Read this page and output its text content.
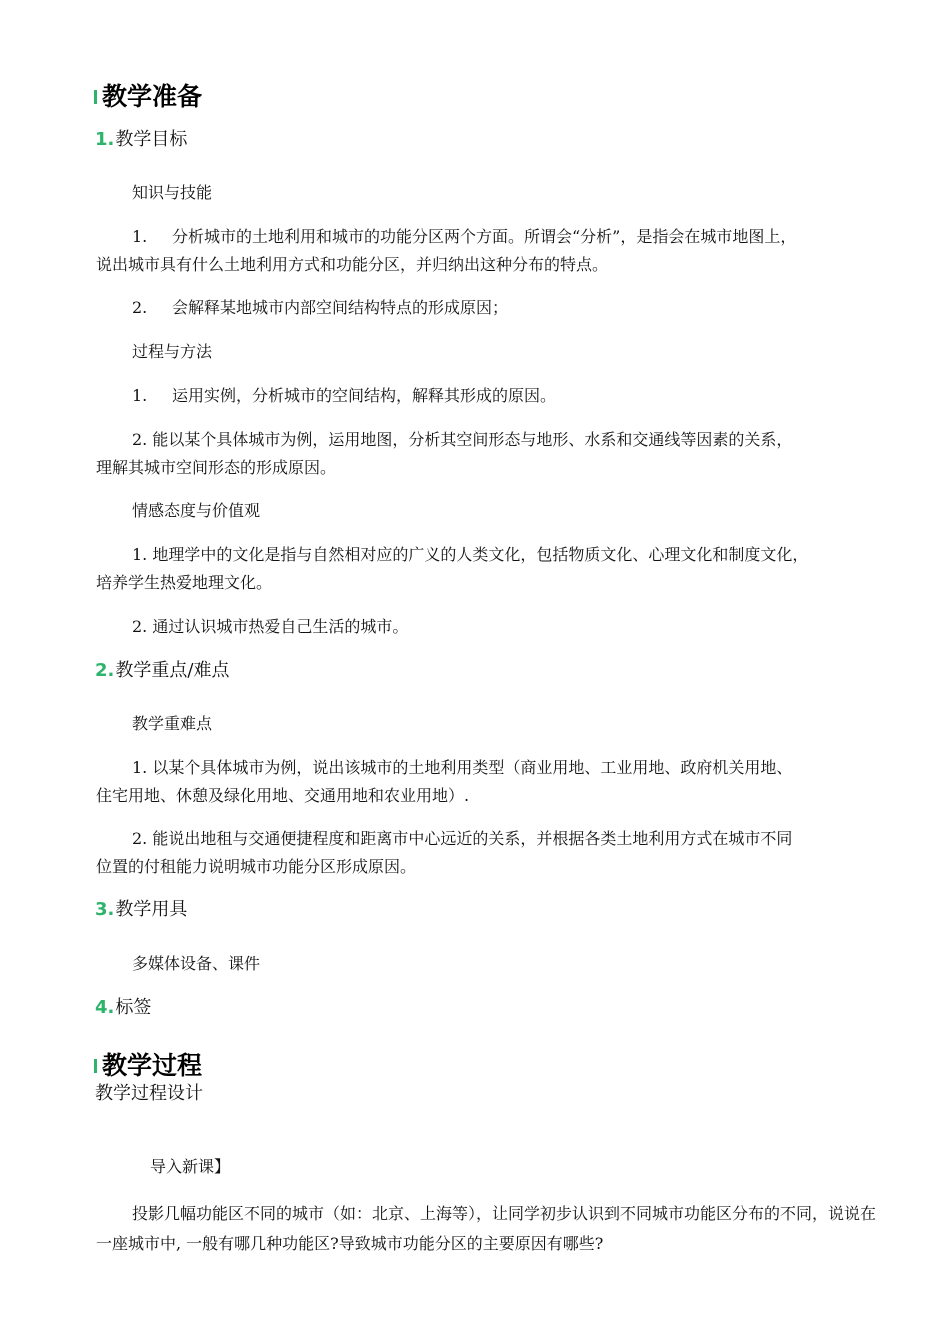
教学准备
1.教学目标
知识与技能
1. 分析城市的土地利用和城市的功能分区两个方面。所谓会“分析”，是指会在城市地图上，
说出城市具有什么土地利用方式和功能分区，并归纳出这种分布的特点。
2. 会解释某地城市内部空间结构特点的形成原因；
过程与方法
1. 运用实例，分析城市的空间结构，解释其形成的原因。
2. 能以某个具体城市为例，运用地图，分析其空间形态与地形、水系和交通线等因素的关系，
理解其城市空间形态的形成原因。
情感态度与价值观
1. 地理学中的文化是指与自然相对应的广义的人类文化，包括物质文化、心理文化和制度文化，
培养学生热爱地理文化。
2. 通过认识城市热爱自己生活的城市。
2.教学重点/难点
教学重难点
1. 以某个具体城市为例，说出该城市的土地利用类型（商业用地、工业用地、政府机关用地、
住宅用地、休憩及绿化用地、交通用地和农业用地）.
2. 能说出地租与交通便捷程度和距离市中心远近的关系，并根据各类土地利用方式在城市不同
位置的付租能力说明城市功能分区形成原因。
3.教学用具
多媒体设备、课件
4.标签
教学过程
教学过程设计
导入新课】
投影几幅功能区不同的城市（如：北京、上海等），让同学初步认识到不同城市功能区分布的不同，说说在一座城市中, 一般有哪几种功能区?导致城市功能分区的主要原因有哪些?
